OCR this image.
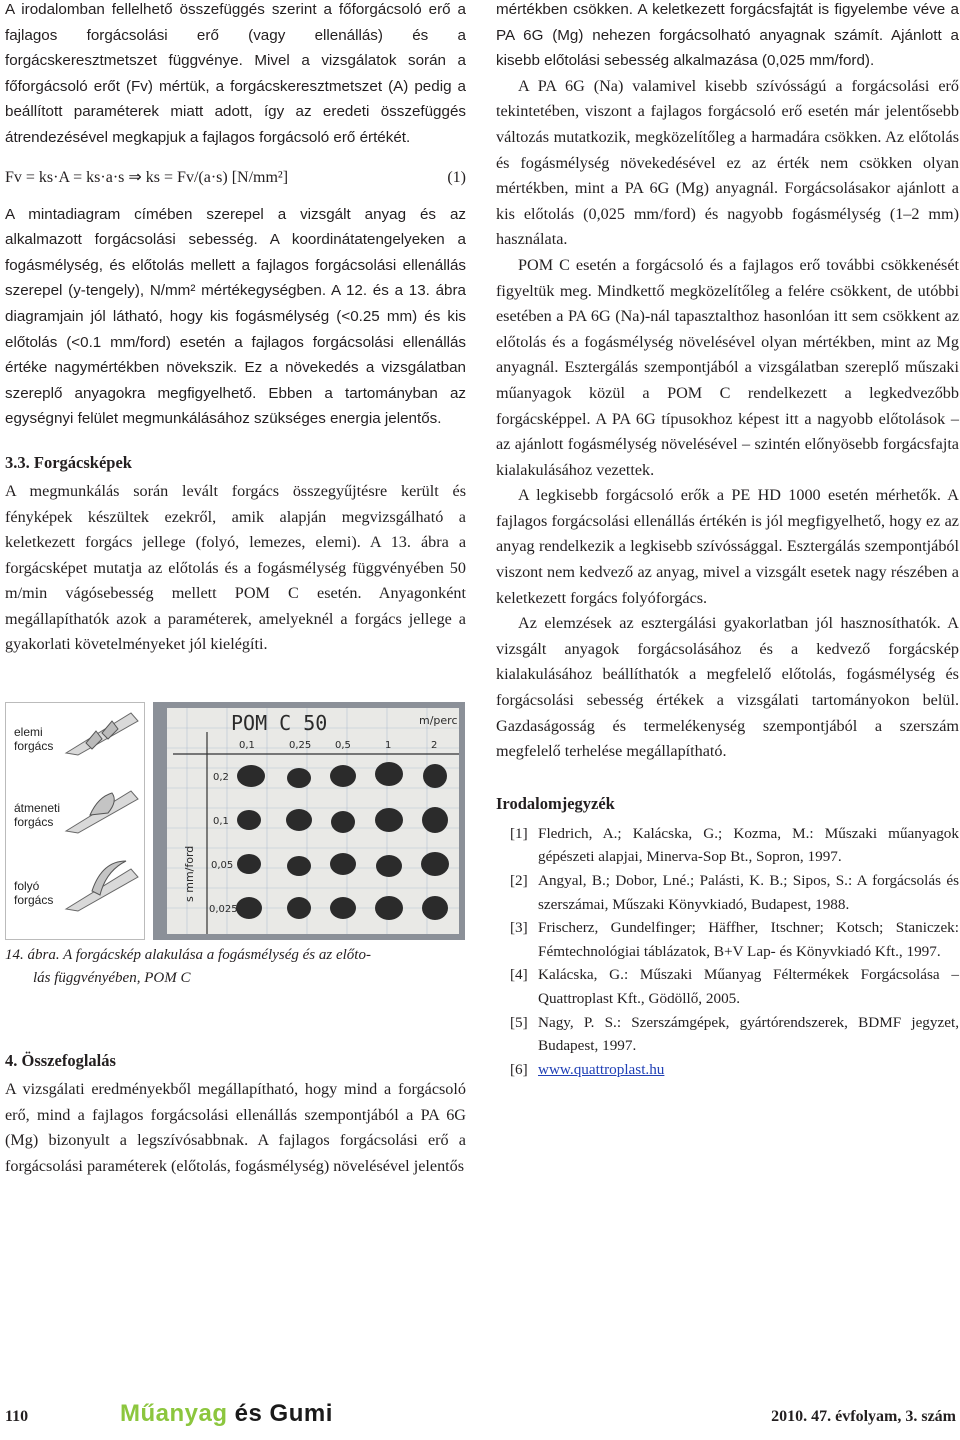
A irodalomban fellelhető összefüggés szerint a főforgácsoló erő a fajlagos forgácsolási erő (vagy ellenállás) és a forgácskeresztmetszet függvénye. Mivel a vizsgálatok során a főforgácsoló erőt (Fv) mértük, a forgácskeresztmetszet (A) pedig a beállított paraméterek miatt adott, így az eredeti összefüggés átrendezésével megkapjuk a fajlagos forgácsoló erő értékét.

Fv = ks·A = ks·a·s ⇒ ks = Fv/(a·s) [N/mm²]	(1)

A mintadiagram címében szerepel a vizsgált anyag és az alkalmazott forgácsolási sebesség. A koordinátatengelyeken a fogásmélység, és előtolás mellett a fajlagos forgácsolási ellenállás szerepel (y-tengely), N/mm² mértékegységben. A 12. és a 13. ábra diagramjain jól látható, hogy kis fogásmélység (<0.25 mm) és kis előtolás (<0.1 mm/ford) esetén a fajlagos forgácsolási ellenállás értéke nagymértékben növekszik. Ez a növekedés a vizsgálatban szereplő anyagokra megfigyelhető. Ebben a tartományban az egységnyi felület megmunkálásához szükséges energia jelentős.

3.3. Forgácsképek

A megmunkálás során levált forgács összegyűjtésre került és fényképek készültek ezekről, amik alapján megvizsgálható a keletkezett forgács jellege (folyó, lemezes, elemi). A 13. ábra a forgácsképet mutatja az előtolás és a fogásmélység függvényében 50 m/min vágósebesség mellett POM C esetén. Anyagonként megállapíthatók azok a paraméterek, amelyeknél a forgács jellege a gyakorlati követelményeket jól kielégíti.

elemi
forgács
átmeneti
forgács
folyó
forgács
POM C 50	m/perc
0,1	0,25 0,5	1	2
0,2
0,1
0,05
0,025
s mm/ford

14. ábra. A forgácskép alakulása a fogásmélység és az előto-
lás függvényében, POM C

4. Összefoglalás

A vizsgálati eredményekből megállapítható, hogy mind a forgácsoló erő, mind a fajlagos forgácsolási ellenállás szempontjából a PA 6G (Mg) bizonyult a legszívósabbnak. A fajlagos forgácsolási erő a forgácsolási paraméterek (előtolás, fogásmélység) növelésével jelentős

mértékben csökken. A keletkezett forgácsfajtát is figyelembe véve a PA 6G (Mg) nehezen forgácsolható anyagnak számít. Ajánlott a kisebb előtolási sebesség alkalmazása (0,025 mm/ford).

A PA 6G (Na) valamivel kisebb szívósságú a forgácsolási erő tekintetében, viszont a fajlagos forgácsoló erő esetén már jelentősebb változás mutatkozik, megközelítőleg a harmadára csökken. Az előtolás és fogásmélység növekedésével ez az érték nem csökken olyan mértékben, mint a PA 6G (Mg) anyagnál. Forgácsolásakor ajánlott a kis előtolás (0,025 mm/ford) és nagyobb fogásmélység (1–2 mm) használata.

POM C esetén a forgácsoló és a fajlagos erő további csökkenését figyeltük meg. Mindkettő megközelítőleg a felére csökkent, de utóbbi esetében a PA 6G (Na)-nál tapasztalthoz hasonlóan itt sem csökkent az előtolás és a fogásmélység növelésével olyan mértékben, mint az Mg anyagnál. Esztergálás szempontjából a vizsgálatban szereplő műszaki műanyagok közül a POM C rendelkezett a legkedvezőbb forgácsképpel. A PA 6G típusokhoz képest itt a nagyobb előtolások – az ajánlott fogásmélység növelésével – szintén előnyösebb forgácsfajta kialakulásához vezettek.

A legkisebb forgácsoló erők a PE HD 1000 esetén mérhetők. A fajlagos forgácsolási ellenállás értékén is jól megfigyelhető, hogy ez az anyag rendelkezik a legkisebb szívóssággal. Esztergálás szempontjából viszont nem kedvező az anyag, mivel a vizsgált esetek nagy részében a keletkezett forgács folyóforgács.

Az elemzések az esztergálási gyakorlatban jól hasznosíthatók. A vizsgált anyagok forgácsolásához és a kedvező forgácskép kialakulásához beállíthatók a megfelelő előtolás, fogásmélység és forgácsolási sebesség értékek a vizsgálati tartományokon belül. Gazdaságosság és termelékenység szempontjából a szerszám megfelelő terhelése megállapítható.

Irodalomjegyzék
[1] Fledrich, A.; Kalácska, G.; Kozma, M.: Műszaki műanyagok gépészeti alapjai, Minerva-Sop Bt., Sopron, 1997.
[2] Angyal, B.; Dobor, Lné.; Palásti, K. B.; Sipos, S.: A forgácsolás és szerszámai, Műszaki Könyvkiadó, Budapest, 1988.
[3] Frischerz, Gundelfinger; Häffher, Itschner; Kotsch; Staniczek: Fémtechnológiai táblázatok, B+V Lap- és Könyvkiadó Kft., 1997.
[4] Kalácska, G.: Műszaki Műanyag Féltermékek Forgácsolása – Quattroplast Kft., Gödöllő, 2005.
[5] Nagy, P. S.: Szerszámgépek, gyártórendszerek, BDMF jegyzet, Budapest, 1997.
[6] www.quattroplast.hu
110	Műanyag és Gumi	2010. 47. évfolyam, 3. szám
